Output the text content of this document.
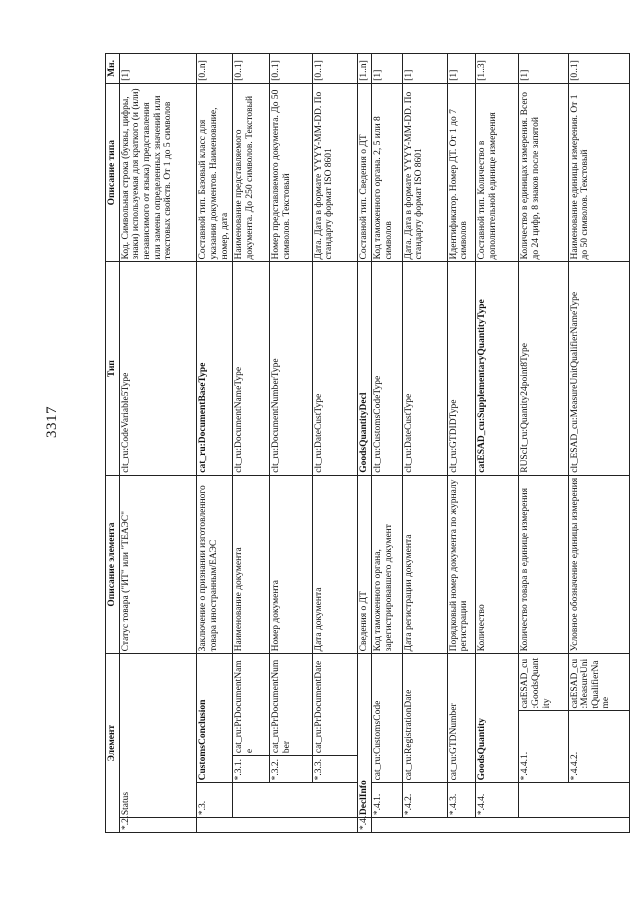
3317
Элемент					Описание элемента	Тип	Описание типа	Мн.
*.2.	Status				Статус товара ("ИТ" или "ТЕАЭС"	clt_ru:CodeVariable5Type	Код. Символьная строка (буквы, цифры, знаки) используемая для краткого (и (или) независимого от языка) представления или замены определенных значений или текстовых свойств. От 1 до 5 символов	[1]
	*.3.	CustomsConclusion			Заключение о признании изготовленного товара иностранным/ЕАЭС	cat_ru:DocumentBaseType	Составной тип. Базовый класс для указания документов. Наименование, номер, дата	[0..n]
		*.3.1.	cat_ru:PrDocumentName		Наименование документа	clt_ru:DocumentNameType	Наименование представляемого документа. До 250 символов. Текстовый	[0..1]
		*.3.2.	cat_ru:PrDocumentNumber		Номер документа	clt_ru:DocumentNumberType	Номер представляемого документа. До 50 символов. Текстовый	[0..1]
		*.3.3.	cat_ru:PrDocumentDate		Дата документа	clt_ru:DateCustType	Дата. Дата в формате YYYY-MM-DD. По стандарту формат ISO 8601	[0..1]
*.4.	DeclInfo				Сведения о ДТ	GoodsQuantityDecl	Составной тип. Сведения о ДТ	[1..n]
	*.4.1.	cat_ru:CustomsCode			Код таможенного органа, зарегистрировавшего документ	clt_ru:CustomsCodeType	Код таможенного органа. 2, 5 или 8 символов	[1]
	*.4.2.	cat_ru:RegistrationDate			Дата регистрации документа	clt_ru:DateCustType	Дата. Дата в формате YYYY-MM-DD. По стандарту формат ISO 8601	[1]
	*.4.3.	cat_ru:GTDNumber			Порядковый номер документа по журналу регистрации	clt_ru:GTDIDType	Идентификатор. Номер ДТ. От 1 до 7 символов	[1]
	*.4.4.	GoodsQuantity			Количество	catESAD_cu:SupplementaryQuantityType	Составной тип. Количество в дополнительной единице измерения	[1..3]
		*.4.4.1.		catESAD_cu:GoodsQuantity	Количество товара в единице измерения	RUScIt_ru:Quantity24point8Type	Количество в единицах измерения. Всего до 24 цифр, 8 знаков после запятой	[1]
		*.4.4.2.		catESAD_cu:MeasureUnitQualifierName	Условное обозначение единицы измерения	clt_ESAD_cu:MeasureUnitQualifierNameType	Наименование единицы измерения. От 1 до 50 символов. Текстовый	[0..1]
